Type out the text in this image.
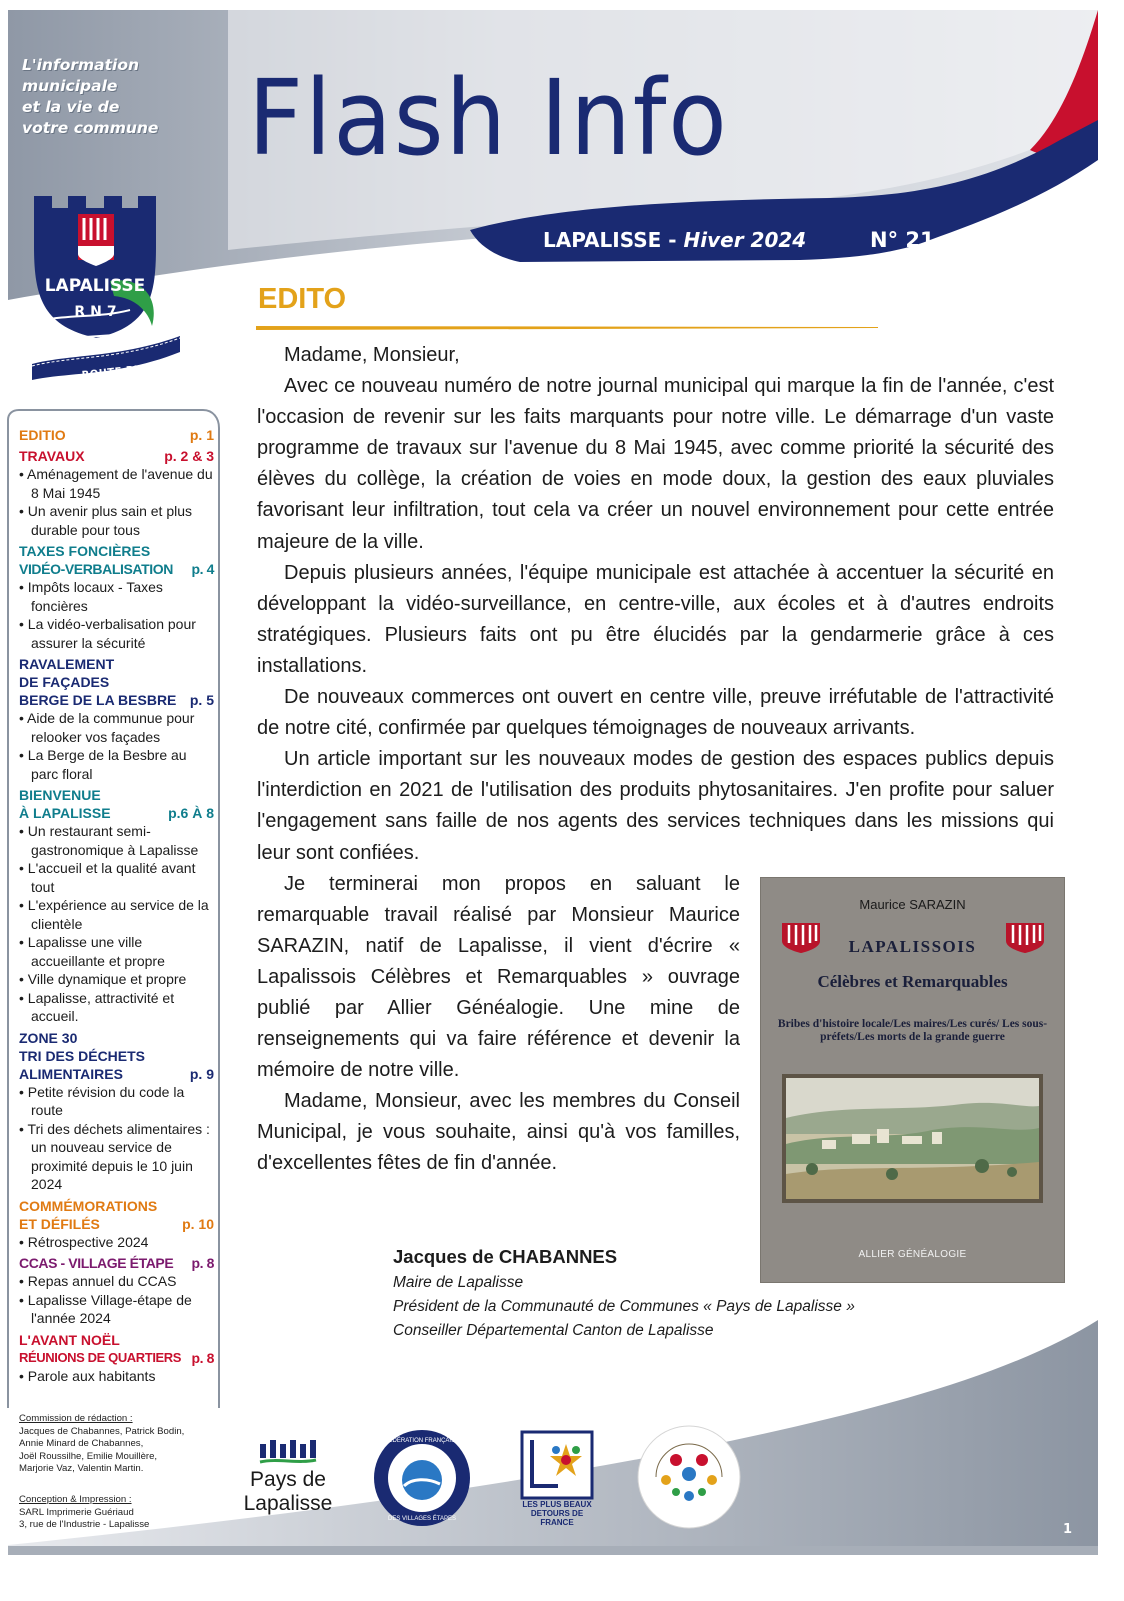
L'information
municipale
et la vie de
votre commune Flash Info
LAPALISSE - Hiver 2024	N° 21
LAPALISSE
RN7
ROUTE BLEUE
EDITIO	p. 1
TRAVAUX	p. 2 & 3
• Aménagement de l'avenue du 8 Mai 1945
• Un avenir plus sain et plus durable pour tous
TAXES FONCIÈRES
VIDÉO-VERBALISATION p. 4
• Impôts locaux - Taxes foncières
• La vidéo-verbalisation pour assurer la sécurité
RAVALEMENT
DE FAÇADES
BERGE DE LA BESBRE p. 5
• Aide de la communue pour relooker vos façades
• La Berge de la Besbre au parc floral
BIENVENUE
À LAPALISSE	p.6 À 8
• Un restaurant semi-gastronomique à Lapalisse
• L'accueil et la qualité avant tout
• L'expérience au service de la clientèle
• Lapalisse une ville accueillante et propre
• Ville dynamique et propre
• Lapalisse, attractivité et accueil.
ZONE 30
TRI DES DÉCHETS
ALIMENTAIRES	p. 9
• Petite révision du code la route
• Tri des déchets alimentaires : un nouveau service de proximité depuis le 10 juin 2024
COMMÉMORATIONS
ET DÉFILÉS	p. 10
• Rétrospective 2024
CCAS - VILLAGE ÉTAPE p. 8
• Repas annuel du CCAS
• Lapalisse Village-étape de l'année 2024
L'AVANT NOËL
RÉUNIONS DE QUARTIERS p. 8
• Parole aux habitants
Commission de rédaction :
Jacques de Chabannes, Patrick Bodin,
Annie Minard de Chabannes,
Joël Roussilhe, Emilie Mouillère,
Marjorie Vaz, Valentin Martin.
Conception & Impression :
SARL Imprimerie Guériaud
3, rue de l'Industrie - Lapalisse
EDITO

Madame, Monsieur,

Avec ce nouveau numéro de notre journal municipal qui marque la fin de l'année, c'est l'occasion de revenir sur les faits marquants pour notre ville. Le démarrage d'un vaste programme de travaux sur l'avenue du 8 Mai 1945, avec comme priorité la sécurité des élèves du collège, la création de voies en mode doux, la gestion des eaux pluviales favorisant leur infiltration, tout cela va créer un nouvel environnement pour cette entrée majeure de la ville.

Depuis plusieurs années, l'équipe municipale est attachée à accentuer la sécurité en développant la vidéo-surveillance, en centre-ville, aux écoles et à d'autres endroits stratégiques. Plusieurs faits ont pu être élucidés par la gendarmerie grâce à ces installations.

De nouveaux commerces ont ouvert en centre ville, preuve irréfutable de l'attractivité de notre cité, confirmée par quelques témoignages de nouveaux arrivants.

Un article important sur les nouveaux modes de gestion des espaces publics depuis l'interdiction en 2021 de l'utilisation des produits phytosanitaires. J'en profite pour saluer l'engagement sans faille de nos agents des services techniques dans les missions qui leur sont confiées.

Je terminerai mon propos en saluant le remarquable travail réalisé par Monsieur Maurice SARAZIN, natif de Lapalisse, il vient d'écrire « Lapalissois Célèbres et Remarquables » ouvrage publié par Allier Généalogie. Une mine de renseignements qui va faire référence et devenir la mémoire de notre ville.

Madame, Monsieur, avec les membres du Conseil Municipal, je vous souhaite, ainsi qu'à vos familles, d'excellentes fêtes de fin d'année.

Jacques de CHABANNES
Maire de Lapalisse
Président de la Communauté de Communes « Pays de Lapalisse »
Conseiller Départemental Canton de Lapalisse
Maurice SARAZIN
LAPALISSOIS
Célèbres et Remarquables
Bribes d'histoire locale/Les maires/Les curés/ Les sous-préfets/Les morts de la grande guerre
ALLIER GÉNÉALOGIE
Pays de Lapalisse
FÉDÉRATION FRANÇAISE
DES VILLAGES ÉTAPES
LES PLUS BEAUX DETOURS DE FRANCE	1
